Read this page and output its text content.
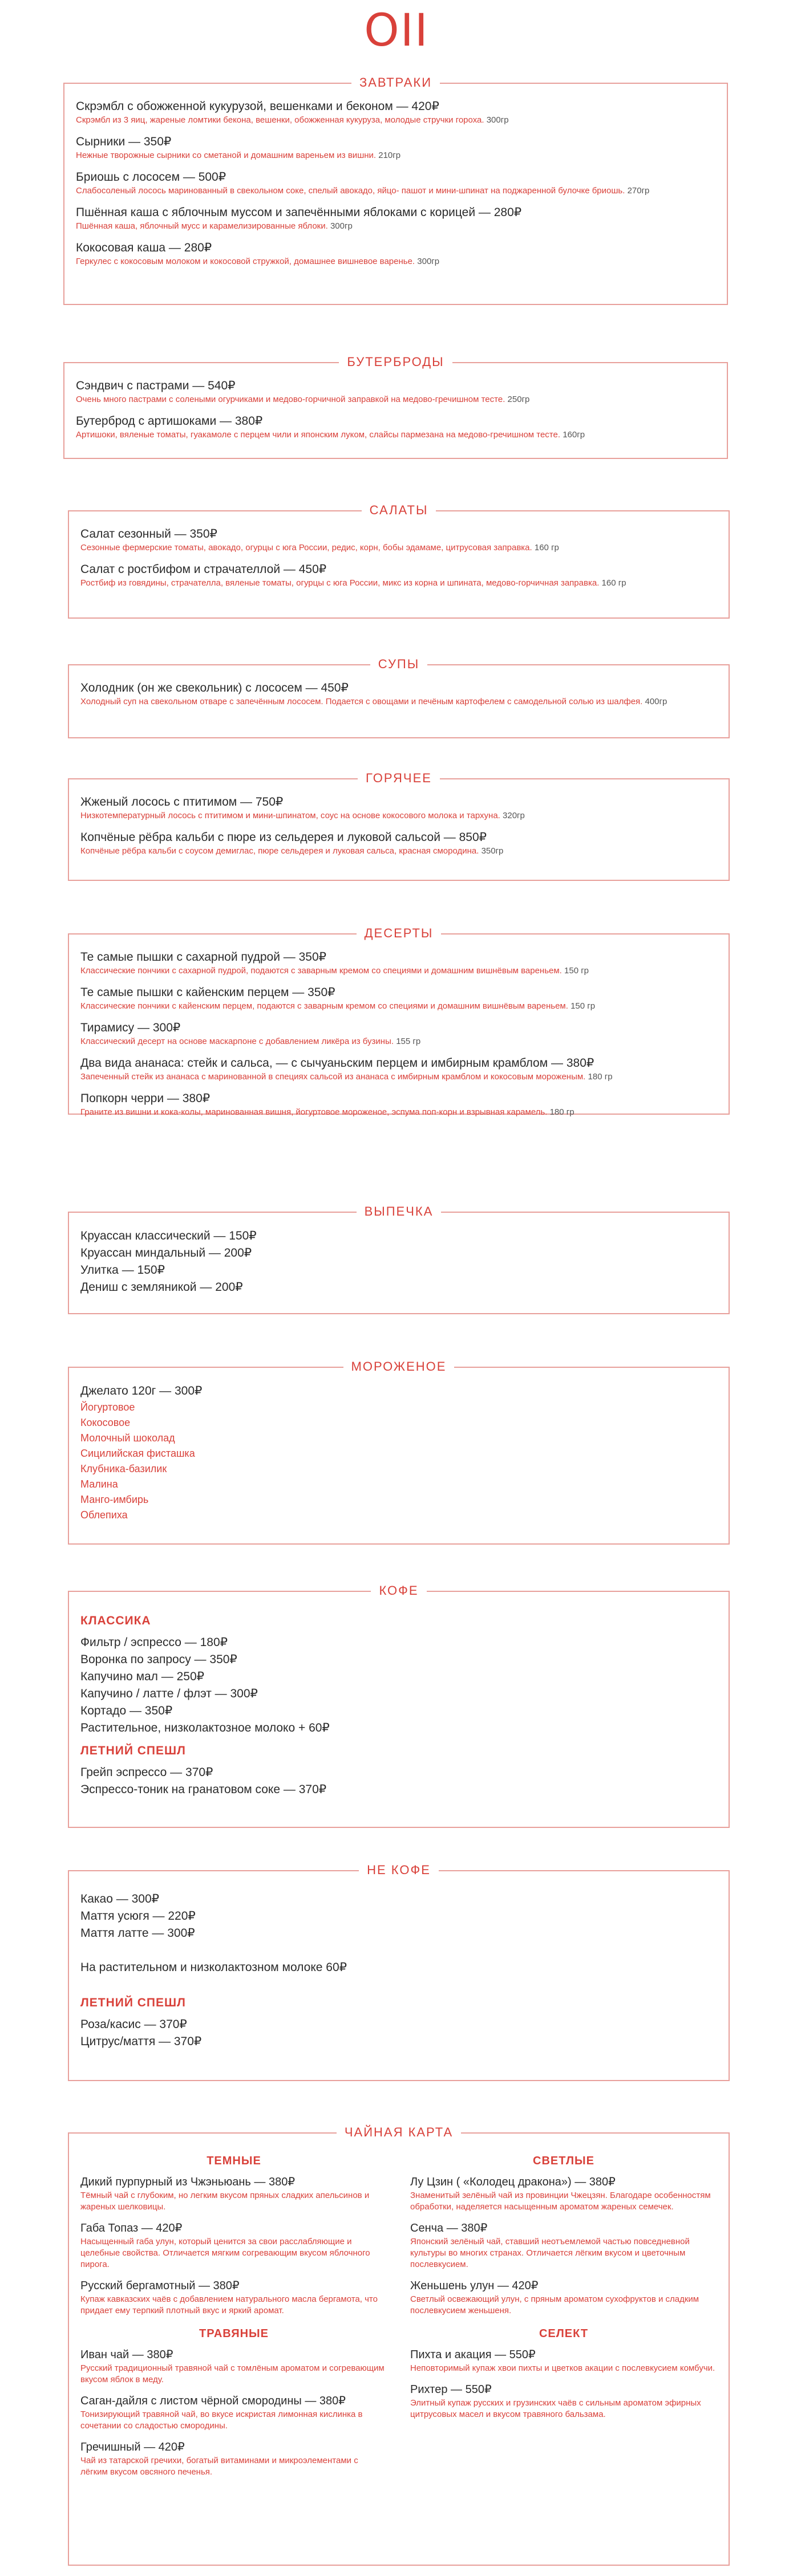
OII
ЗАВТРАКИ
Скрэмбл с обожженной кукурузой, вешенками и беконом — 420₽
Скрэмбл из 3 яиц, жареные ломтики бекона, вешенки, обожженная кукуруза, молодые стручки гороха. 300гр
Сырники — 350₽
Нежные творожные сырники со сметаной и домашним вареньем из вишни. 210гр
Бриошь с лососем — 500₽
Слабосоленый лосось маринованный в свекольном соке, спелый авокадо, яйцо- пашот и мини-шпинат на поджаренной булочке бриошь. 270гр
Пшённая каша с яблочным муссом и запечёнными яблоками с корицей — 280₽
Пшённая каша, яблочный мусс и карамелизированные яблоки. 300гр
Кокосовая каша — 280₽
Геркулес с кокосовым молоком и кокосовой стружкой, домашнее вишневое варенье. 300гр
БУТЕРБРОДЫ
Сэндвич с пастрами — 540₽
Очень много пастрами с солеными огурчиками и медово-горчичной заправкой на медово-гречишном тесте. 250гр
Бутерброд с артишоками — 380₽
Артишоки, вяленые томаты, гуакамоле с перцем чили и японским луком, слайсы пармезана на медово-гречишном тесте. 160гр
САЛАТЫ
Салат сезонный — 350₽
Сезонные фермерские томаты, авокадо, огурцы с юга России, редис, корн, бобы эдамаме, цитрусовая заправка. 160 гр
Салат с ростбифом и страчателлой — 450₽
Ростбиф из говядины, страчателла, вяленые томаты, огурцы с юга России, микс из корна и шпината, медово-горчичная заправка. 160 гр
СУПЫ
Холодник (он же свекольник) с лососем — 450₽
Холодный суп на свекольном отваре с запечённым лососем. Подается с овощами и печёным картофелем с самодельной солью из шалфея. 400гр
ГОРЯЧЕЕ
Жженый лосось с птитимом — 750₽
Низкотемпературный лосось с птитимом и мини-шпинатом, соус на основе кокосового молока и тархуна. 320гр
Копчёные рёбра кальби с пюре из сельдерея и луковой сальсой — 850₽
Копчёные рёбра кальби с соусом демиглас, пюре сельдерея и луковая сальса, красная смородина. 350гр
ДЕСЕРТЫ
Те самые пышки с сахарной пудрой — 350₽
Классические пончики с сахарной пудрой, подаются с заварным кремом со специями и домашним вишнёвым вареньем. 150 гр
Те самые пышки с кайенским перцем — 350₽
Классические пончики с кайенским перцем, подаются с заварным кремом со специями и домашним вишнёвым вареньем. 150 гр
Тирамису — 300₽
Классический десерт на основе маскарпоне с добавлением ликёра из бузины. 155 гр
Два вида ананаса: стейк и сальса, — с сычуаньским перцем и имбирным крамблом — 380₽
Запеченный стейк из ананаса с маринованной в специях сальсой из ананаса с имбирным крамблом и кокосовым мороженым. 180 гр
Попкорн черри — 380₽
Граните из вишни и кока-колы, маринованная вишня, йогуртовое мороженое, эспума поп-корн и взрывная карамель. 180 гр
ВЫПЕЧКА
Круассан классический — 150₽
Круассан миндальный — 200₽
Улитка — 150₽
Дениш с земляникой — 200₽
МОРОЖЕНОЕ
Джелато 120г — 300₽
Йогуртовое
Кокосовое
Молочный шоколад
Сицилийская фисташка
Клубника-базилик
Малина
Манго-имбирь
Облепиха
КОФЕ
КЛАССИКА
Фильтр / эспрессо — 180₽
Воронка по запросу — 350₽
Капучино мал — 250₽
Капучино / латте / флэт — 300₽
Кортадо — 350₽
Растительное, низколактозное молоко + 60₽
ЛЕТНИЙ СПЕШЛ
Грейп эспрессо — 370₽
Эспрессо-тоник на гранатовом соке — 370₽
НЕ КОФЕ
Какао — 300₽
Маття усюгя — 220₽
Маття латте — 300₽
На растительном и низколактозном молоке 60₽
ЛЕТНИЙ СПЕШЛ
Роза/касис — 370₽
Цитрус/маття — 370₽
ЧАЙНАЯ КАРТА
ТЕМНЫЕ
Дикий пурпурный из Чжэньюань — 380₽
Тёмный чай с глубоким, но легким вкусом пряных сладких апельсинов и жареных шелковицы.
Габа Топаз — 420₽
Насыщенный габа улун, который ценится за свои расслабляющие и целебные свойства. Отличается мягким согревающим вкусом яблочного пирога.
Русский бергамотный — 380₽
Купаж кавказских чаёв с добавлением натурального масла бергамота, что придает ему терпкий плотный вкус и яркий аромат.
ТРАВЯНЫЕ
Иван чай — 380₽
Русский традиционный травяной чай с томлёным ароматом и согревающим вкусом яблок в меду.
Саган-дайля с листом чёрной смородины — 380₽
Тонизирующий травяной чай, во вкусе искристая лимонная кислинка в сочетании со сладостью смородины.
Гречишный — 420₽
Чай из татарской гречихи, богатый витаминами и микроэлементами с лёгким вкусом овсяного печенья.
СВЕТЛЫЕ
Лу Цзин ( «Колодец дракона») — 380₽
Знаменитый зелёный чай из провинции Чжецзян. Благодаре особенностям обработки, наделяется насыщенным ароматом жареных семечек.
Сенча — 380₽
Японский зелёный чай, ставший неотъемлемой частью повседневной культуры во многих странах. Отличается лёгким вкусом и цветочным послевкусием.
Женьшень улун — 420₽
Светлый освежающий улун, с пряным ароматом сухофруктов и сладким послевкусием женьшеня.
СЕЛЕКТ
Пихта и акация — 550₽
Неповторимый купаж хвои пихты и цветков акации с послевкусием комбучи.
Рихтер — 550₽
Элитный купаж русских и грузинских чаёв с сильным ароматом эфирных цитрусовых масел и вкусом травяного бальзама.
